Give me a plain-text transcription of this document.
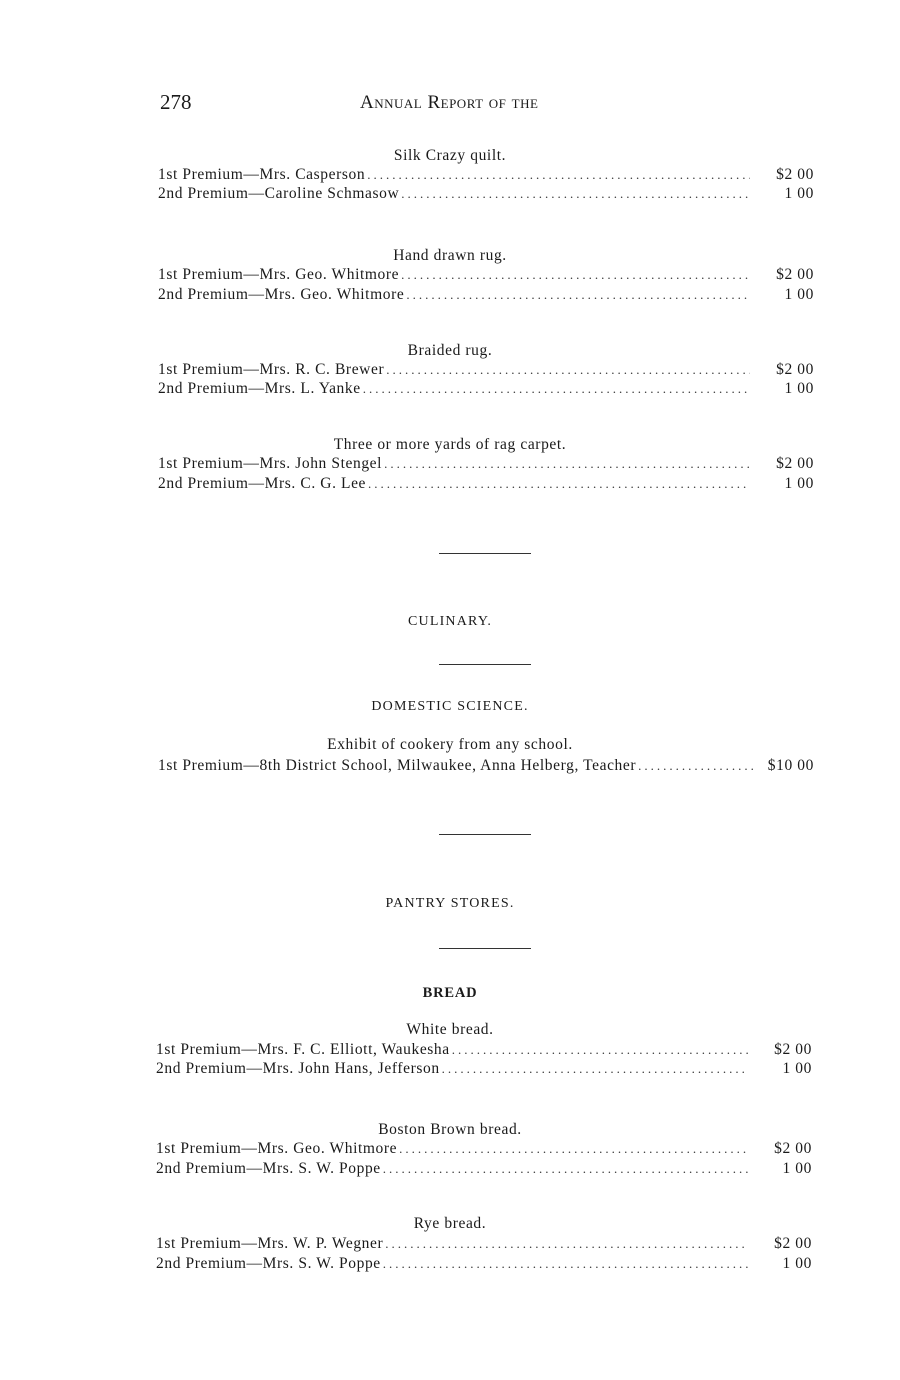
278	Annual Report of the
Silk Crazy quilt.
1st Premium—Mrs. Casperson .....	$2 00
2nd Premium—Caroline Schmasow .....	1 00
Hand drawn rug.
1st Premium—Mrs. Geo. Whitmore .....	$2 00
2nd Premium—Mrs. Geo. Whitmore .....	1 00
Braided rug.
1st Premium—Mrs. R. C. Brewer .....	$2 00
2nd Premium—Mrs. L. Yanke .....	1 00
Three or more yards of rag carpet.
1st Premium—Mrs. John Stengel .....	$2 00
2nd Premium—Mrs. C. G. Lee .....	1 00
CULINARY.
DOMESTIC SCIENCE.
Exhibit of cookery from any school.
1st Premium—8th District School, Milwaukee, Anna Helberg, Teacher .....	$10 00
PANTRY STORES.
BREAD
White bread.
1st Premium—Mrs. F. C. Elliott, Waukesha .....	$2 00
2nd Premium—Mrs. John Hans, Jefferson .....	1 00
Boston Brown bread.
1st Premium—Mrs. Geo. Whitmore .....	$2 00
2nd Premium—Mrs. S. W. Poppe .....	1 00
Rye bread.
1st Premium—Mrs. W. P. Wegner .....	$2 00
2nd Premium—Mrs. S. W. Poppe .....	1 00
